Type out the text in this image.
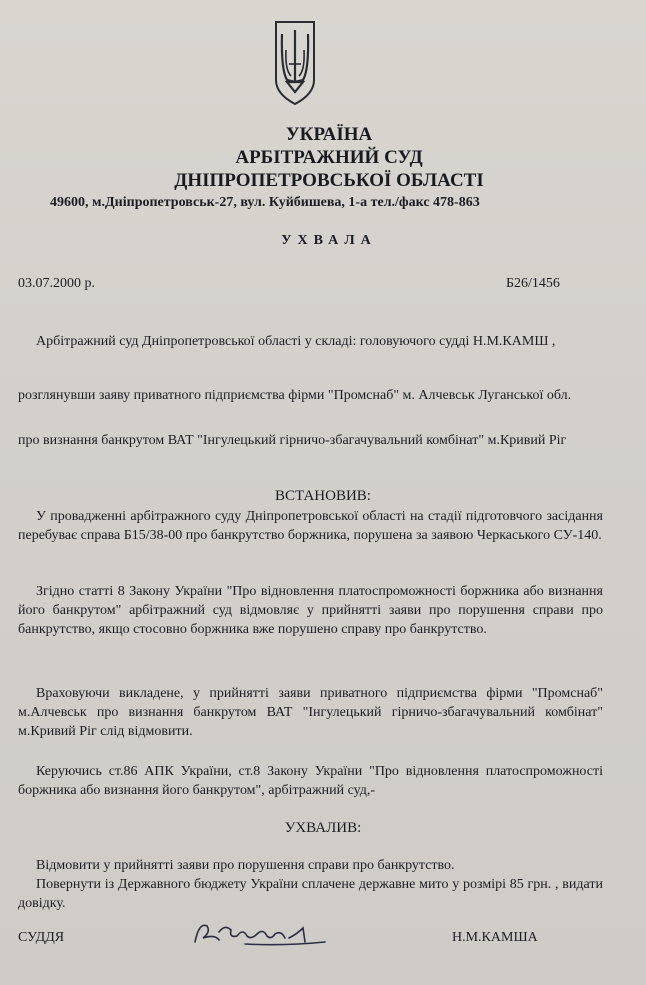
УКРАЇНА
АРБІТРАЖНИЙ СУД
ДНІПРОПЕТРОВСЬКОЇ ОБЛАСТІ
49600, м.Дніпропетровськ-27, вул. Куйбишева, 1-а тел./факс 478-863
УХВАЛА
03.07.2000 р.	Б26/1456
Арбітражний суд Дніпропетровської області у складі: головуючого судді Н.М.КАМШ ,
розглянувши заяву приватного підприємства фірми "Промснаб" м. Алчевськ Луганської обл.
про визнання банкрутом ВАТ "Інгулецький гірничо-збагачувальний комбінат" м.Кривий Ріг
ВСТАНОВИВ:
У провадженні арбітражного суду Дніпропетровської області на стадії підготовчого засідання перебуває справа Б15/38-00 про банкрутство боржника, порушена за заявою Черкаського СУ-140.
Згідно статті 8 Закону України "Про відновлення платоспроможності боржника або визнання його банкрутом" арбітражний суд відмовляє у прийнятті заяви про порушення справи про банкрутство, якщо стосовно боржника вже порушено справу про банкрутство.
Враховуючи викладене, у прийнятті заяви приватного підприємства фірми "Промснаб" м.Алчевськ про визнання банкрутом ВАТ "Інгулецький гірничо-збагачувальний комбінат" м.Кривий Ріг слід відмовити.
Керуючись ст.86 АПК України, ст.8 Закону України "Про відновлення платоспроможності боржника або визнання його банкрутом", арбітражний суд,-
УХВАЛИВ:
Відмовити у прийнятті заяви про порушення справи про банкрутство.
Повернути із Державного бюджету України сплачене державне мито у розмірі 85 грн. , видати довідку.
СУДДЯ	Н.М.КАМША
